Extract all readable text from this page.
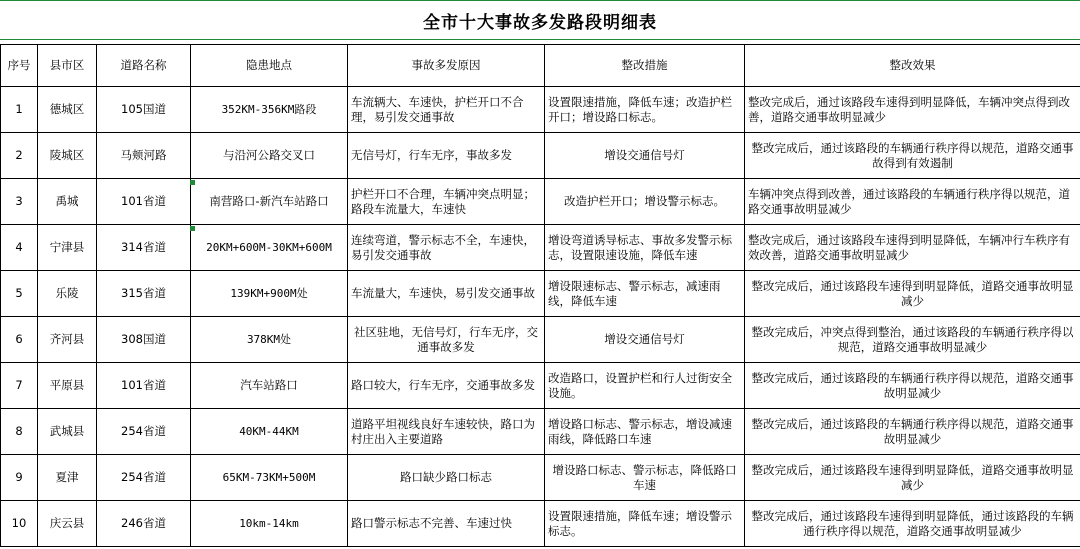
全市十大事故多发路段明细表
序号	县市区	道路名称	隐患地点	事故多发原因	整改措施	整改效果
1	德城区	105国道	352KM-356KM路段	车流辆大、车速快，护栏开口不合理，易引发交通事故	设置限速措施，降低车速；改造护栏开口；增设路口标志。	整改完成后，通过该路段车速得到明显降低，车辆冲突点得到改善，道路交通事故明显减少
2	陵城区	马颊河路	与沿河公路交叉口	无信号灯，行车无序，事故多发	增设交通信号灯	整改完成后，通过该路段的车辆通行秩序得以规范，道路交通事故得到有效遏制
3	禹城	101省道	南营路口-新汽车站路口	护栏开口不合理，车辆冲突点明显；路段车流量大，车速快	改造护栏开口；增设警示标志。	车辆冲突点得到改善，通过该路段的车辆通行秩序得以规范，道路交通事故明显减少
4	宁津县	314省道	20KM+600M-30KM+600M	连续弯道，警示标志不全，车速快，易引发交通事故	增设弯道诱导标志、事故多发警示标志，设置限速设施，降低车速	整改完成后，通过该路段车速得到明显降低，车辆冲行车秩序有效改善，道路交通事故明显减少
5	乐陵	315省道	139KM+900M处	车流量大，车速快，易引发交通事故	增设限速标志、警示标志，减速雨线，降低车速	整改完成后，通过该路段车速得到明显降低，道路交通事故明显减少
6	齐河县	308国道	378KM处	社区驻地，无信号灯，行车无序，交通事故多发	增设交通信号灯	整改完成后，冲突点得到整治，通过该路段的车辆通行秩序得以规范，道路交通事故明显减少
7	平原县	101省道	汽车站路口	路口较大，行车无序，交通事故多发	改造路口，设置护栏和行人过街安全设施。	整改完成后，通过该路段的车辆通行秩序得以规范，道路交通事故明显减少
8	武城县	254省道	40KM-44KM	道路平坦视线良好车速较快，路口为村庄出入主要道路	增设路口标志、警示标志，增设减速雨线，降低路口车速	整改完成后，通过该路段的车辆通行秩序得以规范，道路交通事故明显减少
9	夏津	254省道	65KM-73KM+500M	路口缺少路口标志	增设路口标志、警示标志，降低路口车速	整改完成后，通过该路段车速得到明显降低，道路交通事故明显减少
10	庆云县	246省道	10km-14km	路口警示标志不完善、车速过快	设置限速措施，降低车速；增设警示标志。	整改完成后，通过该路段车速得到明显降低，通过该路段的车辆通行秩序得以规范，道路交通事故明显减少
